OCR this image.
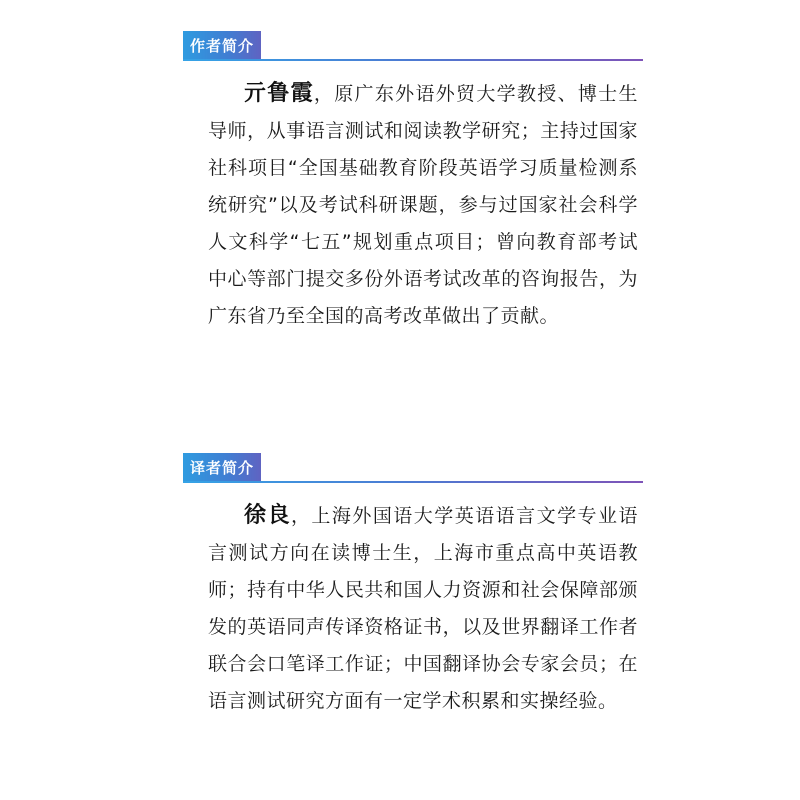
作者简介

亓鲁霞，原广东外语外贸大学教授、博士生导师，从事语言测试和阅读教学研究；主持过国家社科项目“全国基础教育阶段英语学习质量检测系统研究”以及考试科研课题，参与过国家社会科学人文科学“七五”规划重点项目；曾向教育部考试中心等部门提交多份外语考试改革的咨询报告，为广东省乃至全国的高考改革做出了贡献。

译者简介

徐良，上海外国语大学英语语言文学专业语言测试方向在读博士生，上海市重点高中英语教师；持有中华人民共和国人力资源和社会保障部颁发的英语同声传译资格证书，以及世界翻译工作者联合会口笔译工作证；中国翻译协会专家会员；在语言测试研究方面有一定学术积累和实操经验。
